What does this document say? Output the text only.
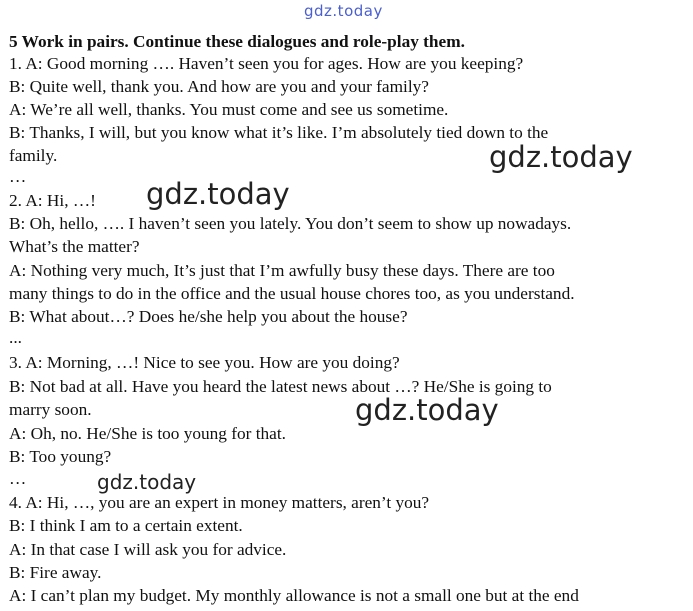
gdz.today
5 Work in pairs. Continue these dialogues and role-play them.
1. A: Good morning …. Haven’t seen you for ages. How are you keeping?
B: Quite well, thank you. And how are you and your family?
A: We’re all well, thanks. You must come and see us sometime.
B: Thanks, I will, but you know what it’s like. I’m absolutely tied down to the
family.
…
2. A: Hi, …!
B: Oh, hello, …. I haven’t seen you lately. You don’t seem to show up nowadays.
What’s the matter?
A: Nothing very much, It’s just that I’m awfully busy these days. There are too
many things to do in the office and the usual house chores too, as you understand.
B: What about…? Does he/she help you about the house?
...
3. A: Morning, …! Nice to see you. How are you doing?
B: Not bad at all. Have you heard the latest news about …? He/She is going to
marry soon.
A: Oh, no. He/She is too young for that.
B: Too young?
…
4. A: Hi, …, you are an expert in money matters, aren’t you?
B: I think I am to a certain extent.
A: In that case I will ask you for advice.
B: Fire away.
A: I can’t plan my budget. My monthly allowance is not a small one but at the end
gdz.today
gdz.today
gdz.today
gdz.today
